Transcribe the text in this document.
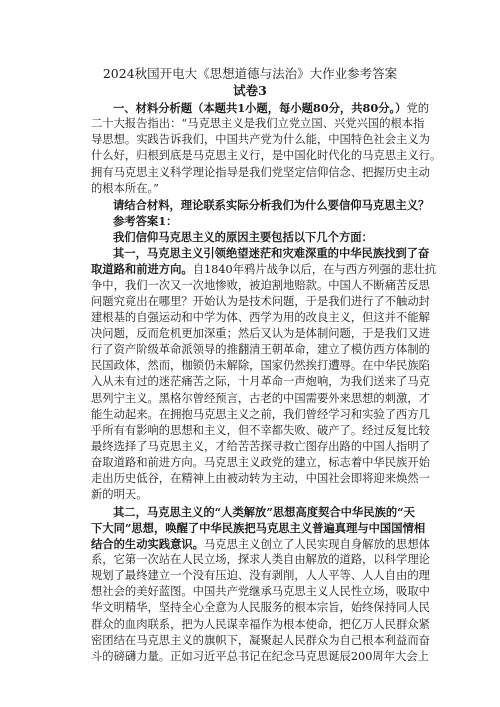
2024秋国开电大《思想道德与法治》大作业参考答案
试卷3
一、材料分析题（本题共1小题，每小题80分，共80分。）党的
二十大报告指出：“马克思主义是我们立党立国、兴党兴国的根本指
导思想。实践告诉我们，中国共产党为什么能，中国特色社会主义为
什么好，归根到底是马克思主义行，是中国化时代化的马克思主义行。
拥有马克思主义科学理论指导是我们党坚定信仰信念、把握历史主动
的根本所在。”
请结合材料，理论联系实际分析我们为什么要信仰马克思主义？
参考答案1：
我们信仰马克思主义的原因主要包括以下几个方面：
其一，马克思主义引领绝望迷茫和灾难深重的中华民族找到了奋
取道路和前进方向。自1840年鸦片战争以后，在与西方列强的悲壮抗
争中，我们一次又一次地惨败，被迫割地赔款。中国人不断痛苦反思
问题究竟出在哪里？开始认为是技术问题，于是我们进行了不触动封
建根基的自强运动和中学为体、西学为用的改良主义，但这并不能解
决问题，反而危机更加深重；然后又认为是体制问题，于是我们又进
行了资产阶级革命派领导的推翻清王朝革命，建立了模仿西方体制的
民国政体，然而，枷锁仍未解除，国家仍然挨打遭辱。在中华民族陷
入从未有过的迷茫痛苦之际，十月革命一声炮响，为我们送来了马克
思列宁主义。黑格尔曾经预言，古老的中国需要外来思想的刺激，才
能生动起来。在拥抱马克思主义之前，我们曾经学习和实验了西方几
乎所有有影响的思想和主义，但不幸都失败、破产了。经过反复比较
最终选择了马克思主义，才给苦苦探寻救亡图存出路的中国人指明了
奋取道路和前进方向。马克思主义政党的建立，标志着中华民族开始
走出历史低谷，在精神上由被动转为主动，中国社会即将迎来焕然一
新的明天。
其二，马克思主义的“人类解放”思想高度契合中华民族的“天
下大同”思想，唤醒了中华民族把马克思主义普遍真理与中国国情相
结合的生动实践意识。马克思主义创立了人民实现自身解放的思想体
系，它第一次站在人民立场，探求人类自由解放的道路，以科学理论
规划了最终建立一个没有压迫、没有剥削，人人平等、人人自由的理
想社会的美好蓝图。中国共产党继承马克思主义人民性立场，吸取中
华文明精华，坚持全心全意为人民服务的根本宗旨，始终保持同人民
群众的血肉联系，把为人民谋幸福作为根本使命，把亿万人民群众紧
密团结在马克思主义的旗帜下，凝聚起人民群众为自己根本利益而奋
斗的磅礴力量。正如习近平总书记在纪念马克思诞辰200周年大会上
